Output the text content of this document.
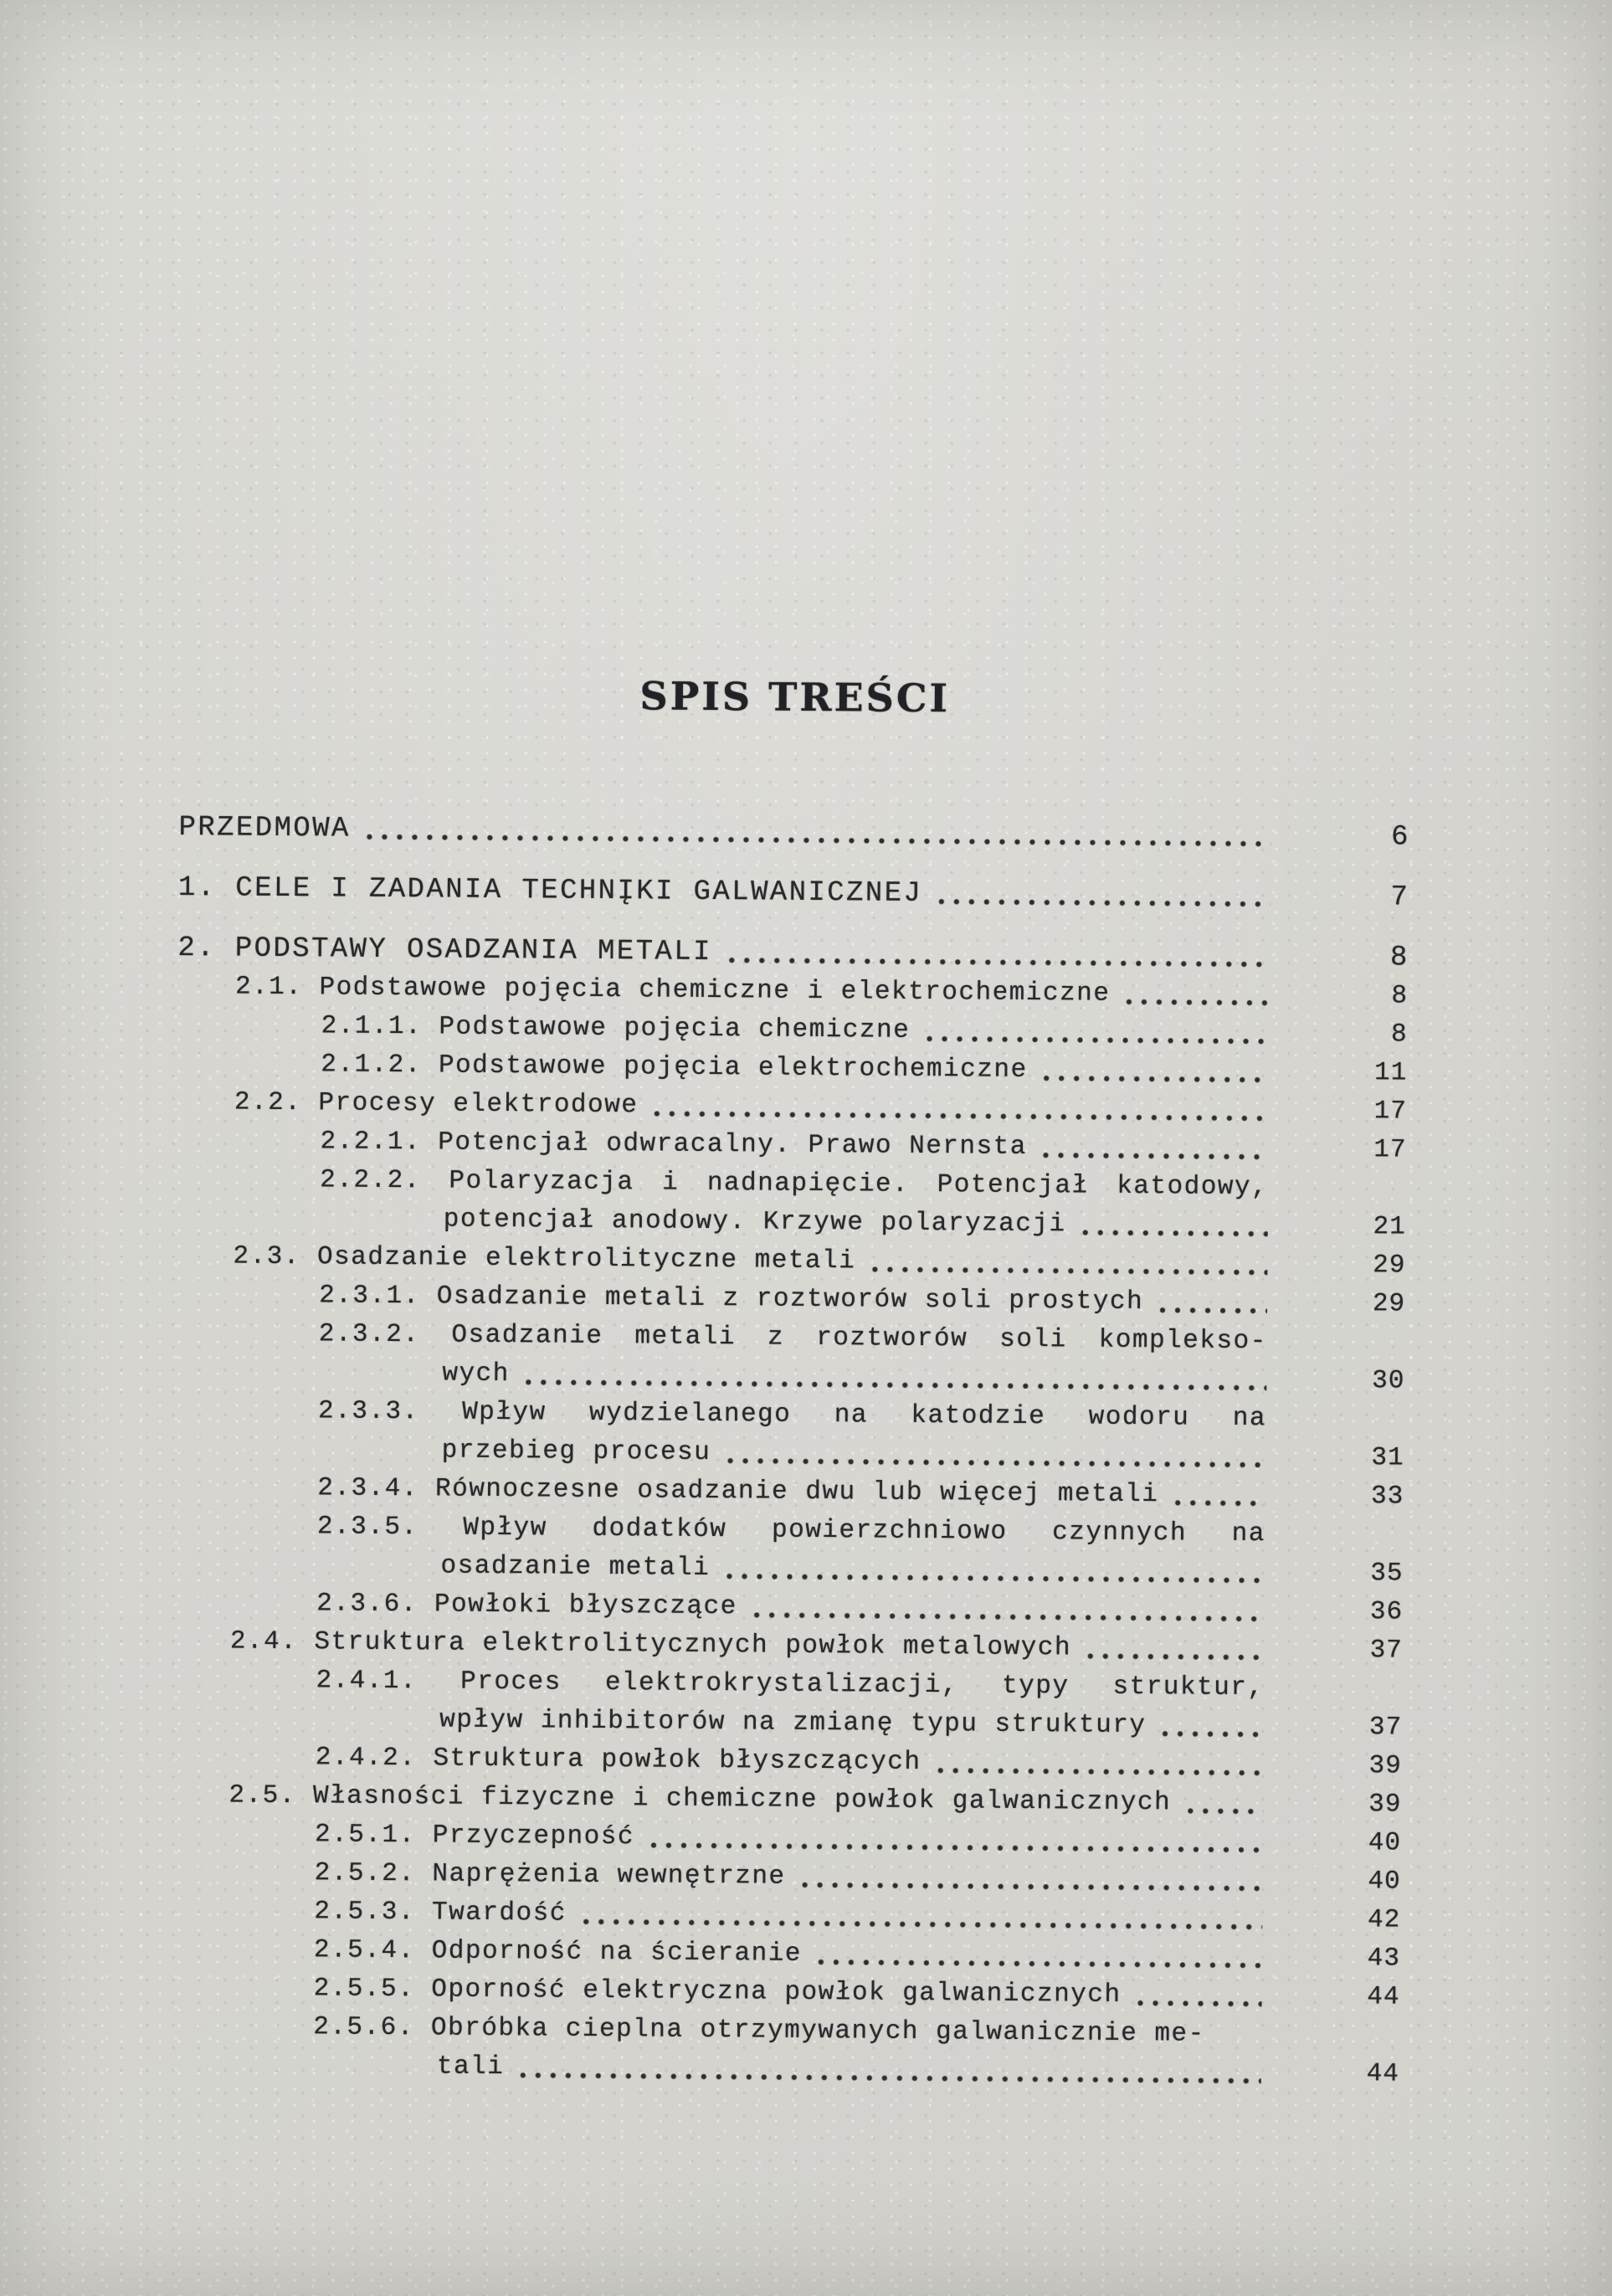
SPIS TREŚCI
PRZEDMOWA	6
1. CELE I ZADANIA TECHNĮKI GALWANICZNEJ	7
2. PODSTAWY OSADZANIA METALI	8
2.1. Podstawowe pojęcia chemiczne i elektrochemiczne	8
2.1.1. Podstawowe pojęcia chemiczne	8
2.1.2. Podstawowe pojęcia elektrochemiczne	11
2.2. Procesy elektrodowe	17
2.2.1. Potencjał odwracalny. Prawo Nernsta	17
2.2.2. Polaryzacja i nadnapięcie. Potencjał katodowy,
potencjał anodowy. Krzywe polaryzacji	21
2.3. Osadzanie elektrolityczne metali	29
2.3.1. Osadzanie metali z roztworów soli prostych	29
2.3.2. Osadzanie metali z roztworów soli komplekso-
wych	30
2.3.3. Wpływ wydzielanego na katodzie wodoru na
przebieg procesu	31
2.3.4. Równoczesne osadzanie dwu lub więcej metali	33
2.3.5. Wpływ dodatków powierzchniowo czynnych na
osadzanie metali	35
2.3.6. Powłoki błyszczące	36
2.4. Struktura elektrolitycznych powłok metalowych	37
2.4.1. Proces elektrokrystalizacji, typy struktur,
wpływ inhibitorów na zmianę typu struktury	37
2.4.2. Struktura powłok błyszczących	39
2.5. Własności fizyczne i chemiczne powłok galwanicznych	39
2.5.1. Przyczepność	40
2.5.2. Naprężenia wewnętrzne	40
2.5.3. Twardość	42
2.5.4. Odporność na ścieranie	43
2.5.5. Oporność elektryczna powłok galwanicznych	44
2.5.6. Obróbka cieplna otrzymywanych galwanicznie me-
tali	44
